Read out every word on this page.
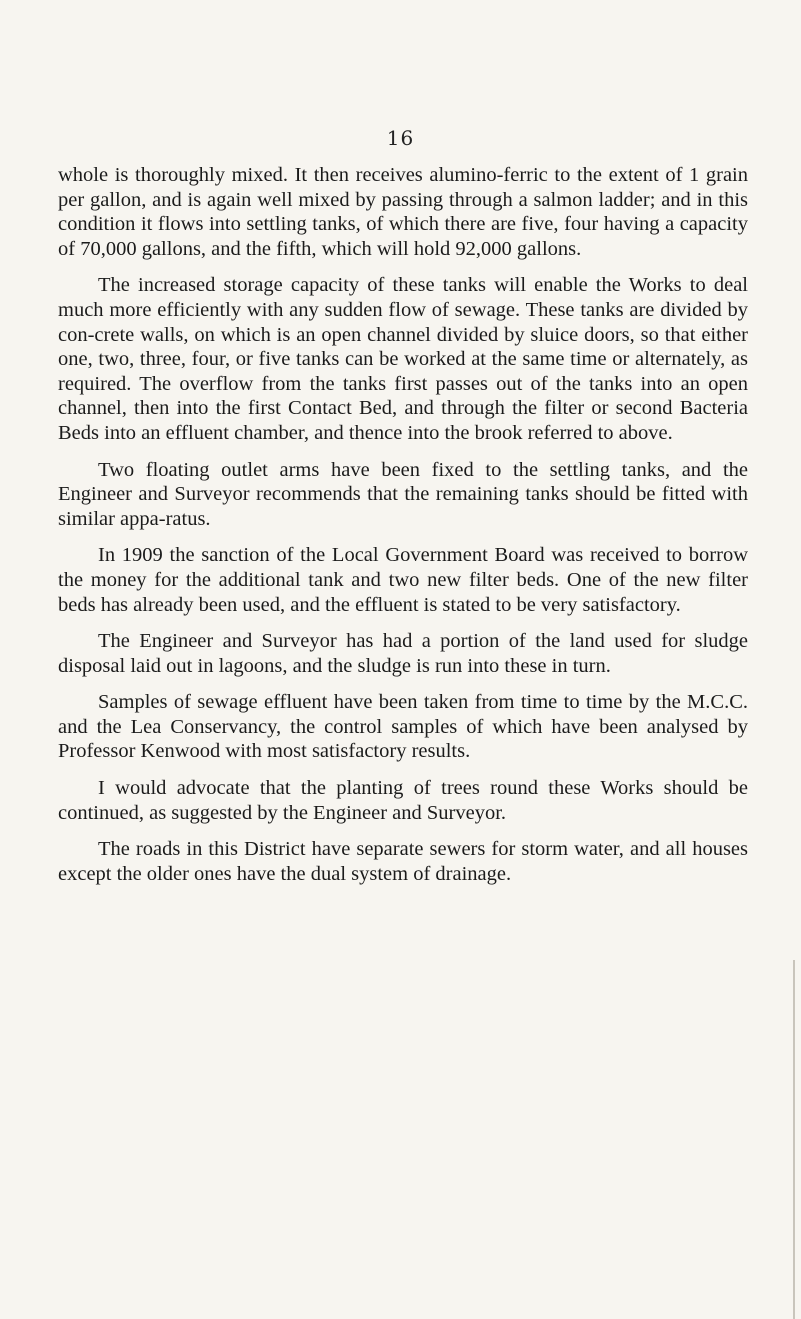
16

whole is thoroughly mixed. It then receives alumino-ferric to the extent of 1 grain per gallon, and is again well mixed by passing through a salmon ladder; and in this condition it flows into settling tanks, of which there are five, four having a capacity of 70,000 gallons, and the fifth, which will hold 92,000 gallons.

The increased storage capacity of these tanks will enable the Works to deal much more efficiently with any sudden flow of sewage. These tanks are divided by con-crete walls, on which is an open channel divided by sluice doors, so that either one, two, three, four, or five tanks can be worked at the same time or alternately, as required. The overflow from the tanks first passes out of the tanks into an open channel, then into the first Contact Bed, and through the filter or second Bacteria Beds into an effluent chamber, and thence into the brook referred to above.

Two floating outlet arms have been fixed to the settling tanks, and the Engineer and Surveyor recommends that the remaining tanks should be fitted with similar appa-ratus.

In 1909 the sanction of the Local Government Board was received to borrow the money for the additional tank and two new filter beds. One of the new filter beds has already been used, and the effluent is stated to be very satisfactory.

The Engineer and Surveyor has had a portion of the land used for sludge disposal laid out in lagoons, and the sludge is run into these in turn.

Samples of sewage effluent have been taken from time to time by the M.C.C. and the Lea Conservancy, the control samples of which have been analysed by Professor Kenwood with most satisfactory results.

I would advocate that the planting of trees round these Works should be continued, as suggested by the Engineer and Surveyor.

The roads in this District have separate sewers for storm water, and all houses except the older ones have the dual system of drainage.
